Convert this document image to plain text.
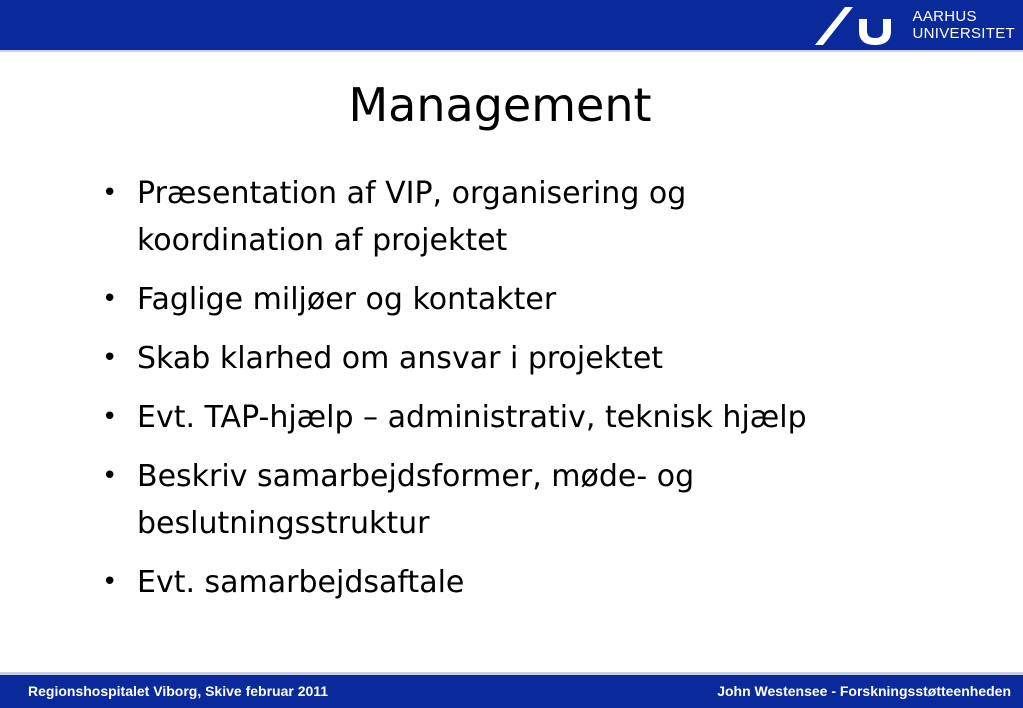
AARHUS
UNIVERSITET
Management
• Præsentation af VIP, organisering og
koordination af projektet
• Faglige miljøer og kontakter
• Skab klarhed om ansvar i projektet
• Evt. TAP-hjælp – administrativ, teknisk hjælp
• Beskriv samarbejdsformer, møde- og
beslutningsstruktur
• Evt. samarbejdsaftale
Regionshospitalet Viborg, Skive februar 2011	John Westensee - Forskningsstøtteenheden
